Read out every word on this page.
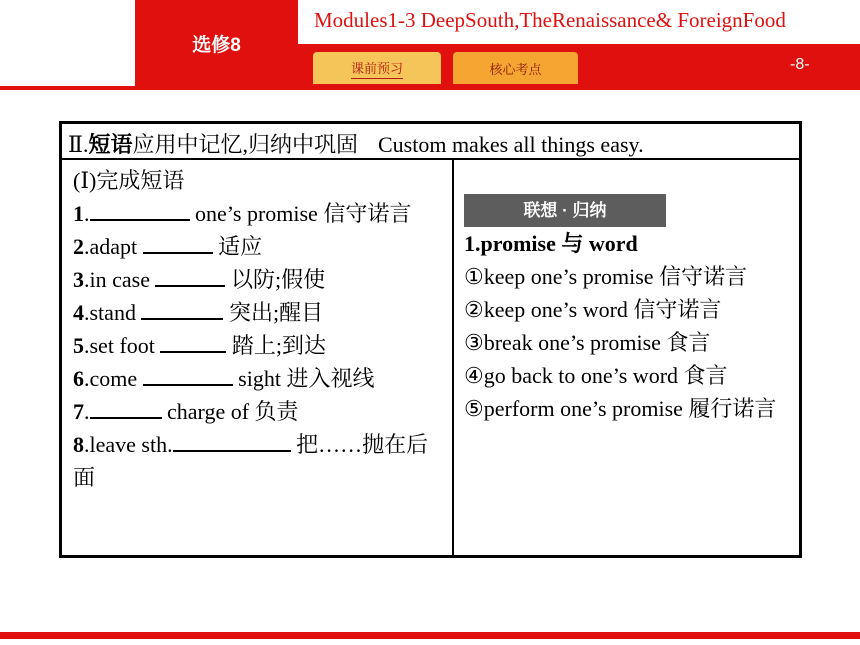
选修8
Modules1-3 DeepSouth,TheRenaissance& ForeignFood
课前预习	核心考点	-8-
Ⅱ.短语应用中记忆,归纳中巩固 Custom makes all things easy.
(Ⅰ)完成短语
1.	one’s promise 信守诺言
2.adapt	适应
3.in case	以防;假使
4.stand	突出;醒目
5.set foot	踏上;到达
6.come	sight 进入视线
7.	charge of 负责
8.leave sth.	把……抛在后面
联想 · 归纳
1.promise 与 word
①keep one’s promise 信守诺言
②keep one’s word 信守诺言
③break one’s promise 食言
④go back to one’s word 食言
⑤perform one’s promise 履行诺言
